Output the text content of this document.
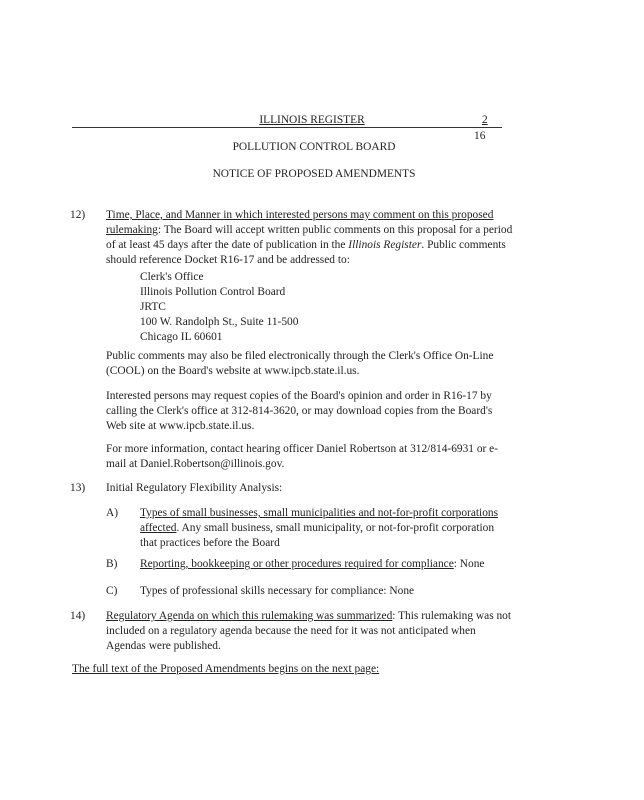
ILLINOIS REGISTER	2
16
POLLUTION CONTROL BOARD
NOTICE OF PROPOSED AMENDMENTS
12) Time, Place, and Manner in which interested persons may comment on this proposed
rulemaking: The Board will accept written public comments on this proposal for a period
of at least 45 days after the date of publication in the Illinois Register. Public comments
should reference Docket R16-17 and be addressed to:
Clerk's Office
Illinois Pollution Control Board
JRTC
100 W. Randolph St., Suite 11-500
Chicago IL 60601
Public comments may also be filed electronically through the Clerk's Office On-Line
(COOL) on the Board's website at www.ipcb.state.il.us.
Interested persons may request copies of the Board's opinion and order in R16-17 by
calling the Clerk's office at 312-814-3620, or may download copies from the Board's
Web site at www.ipcb.state.il.us.
For more information, contact hearing officer Daniel Robertson at 312/814-6931 or e-
mail at Daniel.Robertson@illinois.gov.
13) Initial Regulatory Flexibility Analysis:
A) Types of small businesses, small municipalities and not-for-profit corporations
affected. Any small business, small municipality, or not-for-profit corporation
that practices before the Board
B) Reporting, bookkeeping or other procedures required for compliance: None
C) Types of professional skills necessary for compliance: None
14) Regulatory Agenda on which this rulemaking was summarized: This rulemaking was not
included on a regulatory agenda because the need for it was not anticipated when
Agendas were published.
The full text of the Proposed Amendments begins on the next page:
